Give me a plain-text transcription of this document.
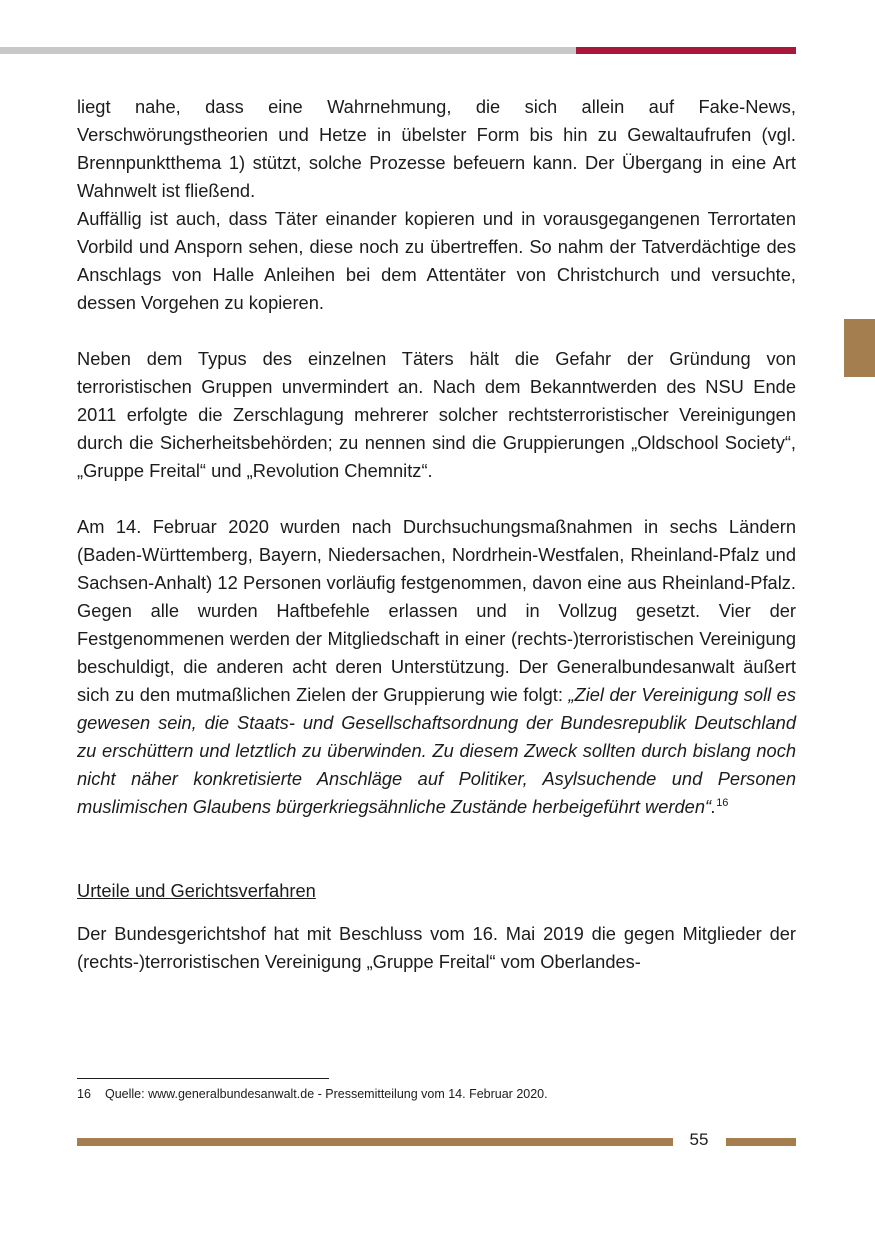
liegt nahe, dass eine Wahrnehmung, die sich allein auf Fake-News, Verschwörungstheorien und Hetze in übelster Form bis hin zu Gewaltaufrufen (vgl. Brennpunktthema 1) stützt, solche Prozesse befeuern kann. Der Übergang in eine Art Wahnwelt ist fließend.

Auffällig ist auch, dass Täter einander kopieren und in vorausgegangenen Terrortaten Vorbild und Ansporn sehen, diese noch zu übertreffen. So nahm der Tatverdächtige des Anschlags von Halle Anleihen bei dem Attentäter von Christchurch und versuchte, dessen Vorgehen zu kopieren.

Neben dem Typus des einzelnen Täters hält die Gefahr der Gründung von terroristischen Gruppen unvermindert an. Nach dem Bekanntwerden des NSU Ende 2011 erfolgte die Zerschlagung mehrerer solcher rechtsterroristischer Vereinigungen durch die Sicherheitsbehörden; zu nennen sind die Gruppierungen „Oldschool Society“, „Gruppe Freital“ und „Revolution Chemnitz“.

Am 14. Februar 2020 wurden nach Durchsuchungsmaßnahmen in sechs Ländern (Baden-Württemberg, Bayern, Niedersachen, Nordrhein-Westfalen, Rheinland-Pfalz und Sachsen-Anhalt) 12 Personen vorläufig festgenommen, davon eine aus Rheinland-Pfalz. Gegen alle wurden Haftbefehle erlassen und in Vollzug gesetzt. Vier der Festgenommenen werden der Mitgliedschaft in einer (rechts-)terroristischen Vereinigung beschuldigt, die anderen acht deren Unterstützung. Der Generalbundesanwalt äußert sich zu den mutmaßlichen Zielen der Gruppierung wie folgt: „Ziel der Vereinigung soll es gewesen sein, die Staats- und Gesellschaftsordnung der Bundesrepublik Deutschland zu erschüttern und letztlich zu überwinden. Zu diesem Zweck sollten durch bislang noch nicht näher konkretisierte Anschläge auf Politiker, Asylsuchende und Personen muslimischen Glaubens bürgerkriegsähnliche Zustände herbeigeführt werden“.$^{16}$

Urteile und Gerichtsverfahren

Der Bundesgerichtshof hat mit Beschluss vom 16. Mai 2019 die gegen Mitglieder der (rechts-)terroristischen Vereinigung „Gruppe Freital“ vom Oberlandes-

16 Quelle: www.generalbundesanwalt.de - Pressemitteilung vom 14. Februar 2020.
55
